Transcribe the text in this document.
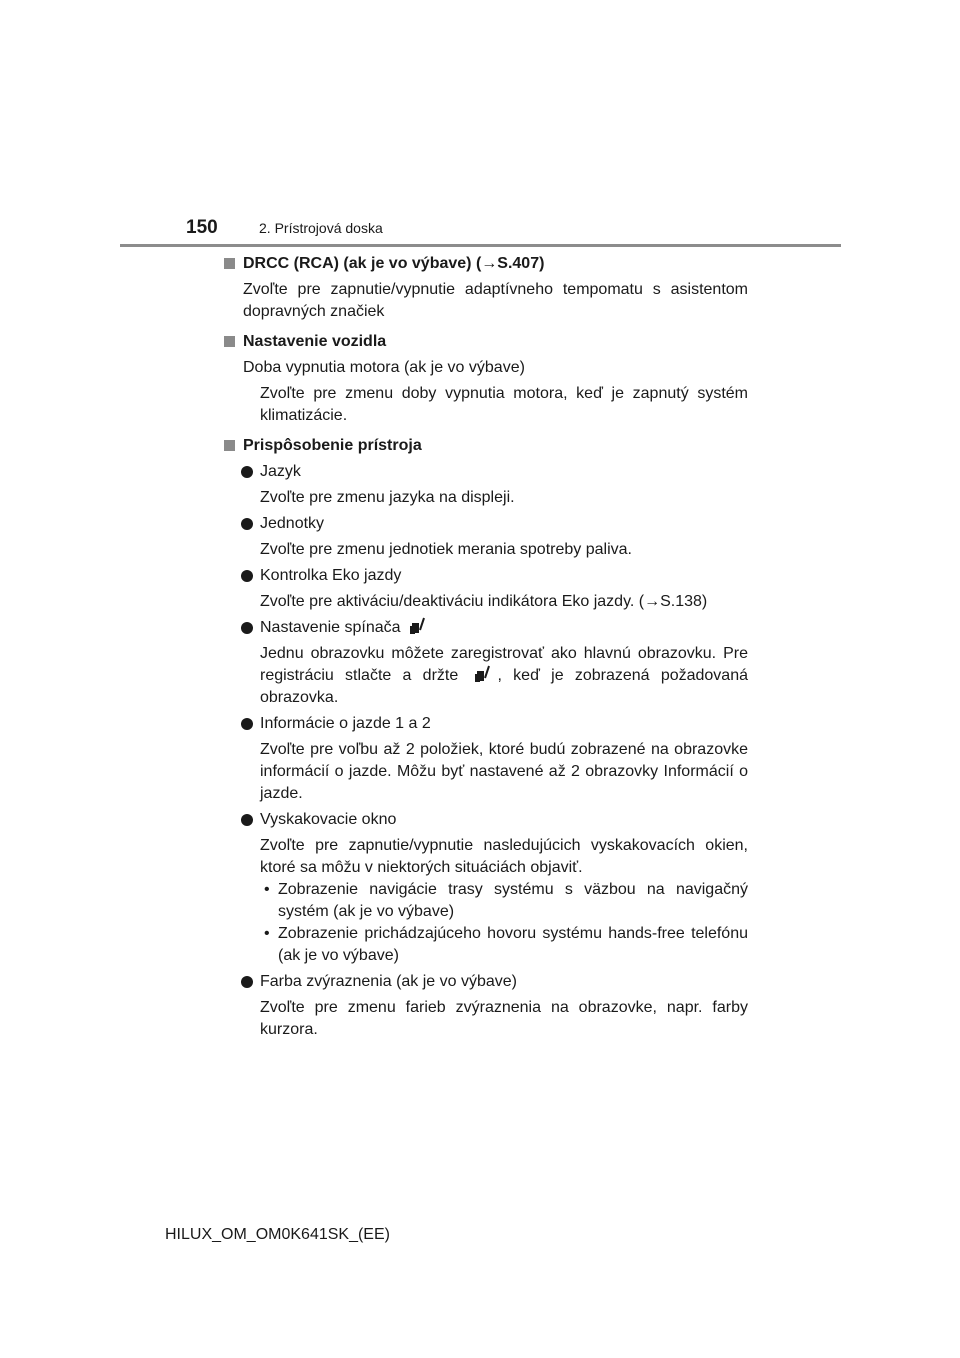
150	2. Prístrojová doska
DRCC (RCA) (ak je vo výbave) (→S.407)
Zvoľte pre zapnutie/vypnutie adaptívneho tempomatu s asistentom dopravných značiek
Nastavenie vozidla
Doba vypnutia motora (ak je vo výbave)
Zvoľte pre zmenu doby vypnutia motora, keď je zapnutý systém klimatizácie.
Prispôsobenie prístroja
Jazyk
Zvoľte pre zmenu jazyka na displeji.
Jednotky
Zvoľte pre zmenu jednotiek merania spotreby paliva.
Kontrolka Eko jazdy
Zvoľte pre aktiváciu/deaktiváciu indikátora Eko jazdy. (→S.138)
Nastavenie spínača
Jednu obrazovku môžete zaregistrovať ako hlavnú obrazovku. Pre registráciu stlačte a držte , keď je zobrazená požadovaná obrazovka.
Informácie o jazde 1 a 2
Zvoľte pre voľbu až 2 položiek, ktoré budú zobrazené na obrazovke informácií o jazde. Môžu byť nastavené až 2 obrazovky Informácií o jazde.
Vyskakovacie okno
Zvoľte pre zapnutie/vypnutie nasledujúcich vyskakovacích okien, ktoré sa môžu v niektorých situáciách objaviť.
• Zobrazenie navigácie trasy systému s väzbou na navigačný systém (ak je vo výbave)
• Zobrazenie prichádzajúceho hovoru systému hands-free telefónu (ak je vo výbave)
Farba zvýraznenia (ak je vo výbave)
Zvoľte pre zmenu farieb zvýraznenia na obrazovke, napr. farby kurzora.
HILUX_OM_OM0K641SK_(EE)
